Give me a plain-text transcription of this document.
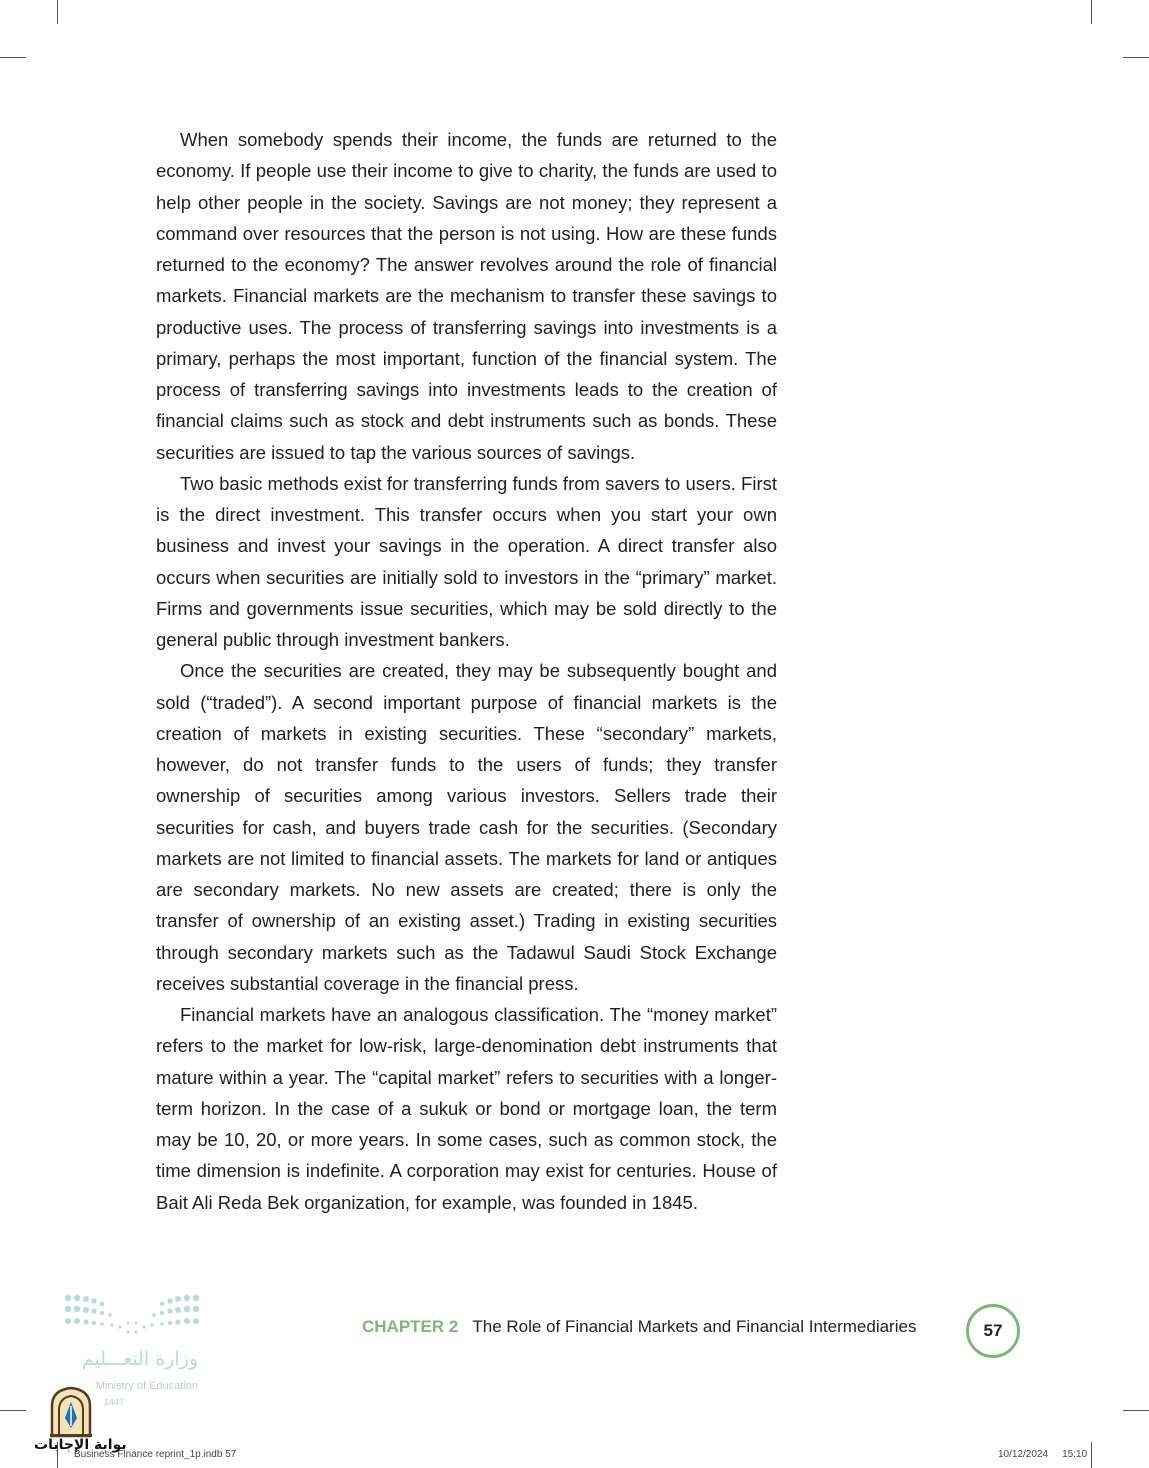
When somebody spends their income, the funds are returned to the economy. If people use their income to give to charity, the funds are used to help other people in the society. Savings are not money; they represent a command over resources that the person is not using. How are these funds returned to the economy? The answer revolves around the role of financial markets. Financial markets are the mechanism to transfer these savings to productive uses. The process of transferring savings into investments is a primary, perhaps the most important, function of the financial system. The process of transferring savings into investments leads to the creation of financial claims such as stock and debt instruments such as bonds. These securities are issued to tap the various sources of savings.

Two basic methods exist for transferring funds from savers to users. First is the direct investment. This transfer occurs when you start your own business and invest your savings in the operation. A direct transfer also occurs when securities are initially sold to investors in the “primary” market. Firms and governments issue securities, which may be sold directly to the general public through investment bankers.

Once the securities are created, they may be subsequently bought and sold (“traded”). A second important purpose of financial markets is the creation of markets in existing securities. These “secondary” markets, however, do not transfer funds to the users of funds; they transfer ownership of securities among various investors. Sellers trade their securities for cash, and buyers trade cash for the securities. (Secondary markets are not limited to financial assets. The markets for land or antiques are secondary markets. No new assets are created; there is only the transfer of ownership of an existing asset.) Trading in existing securities through secondary markets such as the Tadawul Saudi Stock Exchange receives substantial coverage in the financial press.

Financial markets have an analogous classification. The “money market” refers to the market for low-risk, large-denomination debt instruments that mature within a year. The “capital market” refers to securities with a longer-term horizon. In the case of a sukuk or bond or mortgage loan, the term may be 10, 20, or more years. In some cases, such as common stock, the time dimension is indefinite. A corporation may exist for centuries. House of Bait Ali Reda Bek organization, for example, was founded in 1845.

وزارة التعـــليم
Ministry of Education
1447
بوابة الإجابات
CHAPTER 2 The Role of Financial Markets and Financial Intermediaries	57
Business Finance reprint_1p.indb 57	10/12/2024 15:10
